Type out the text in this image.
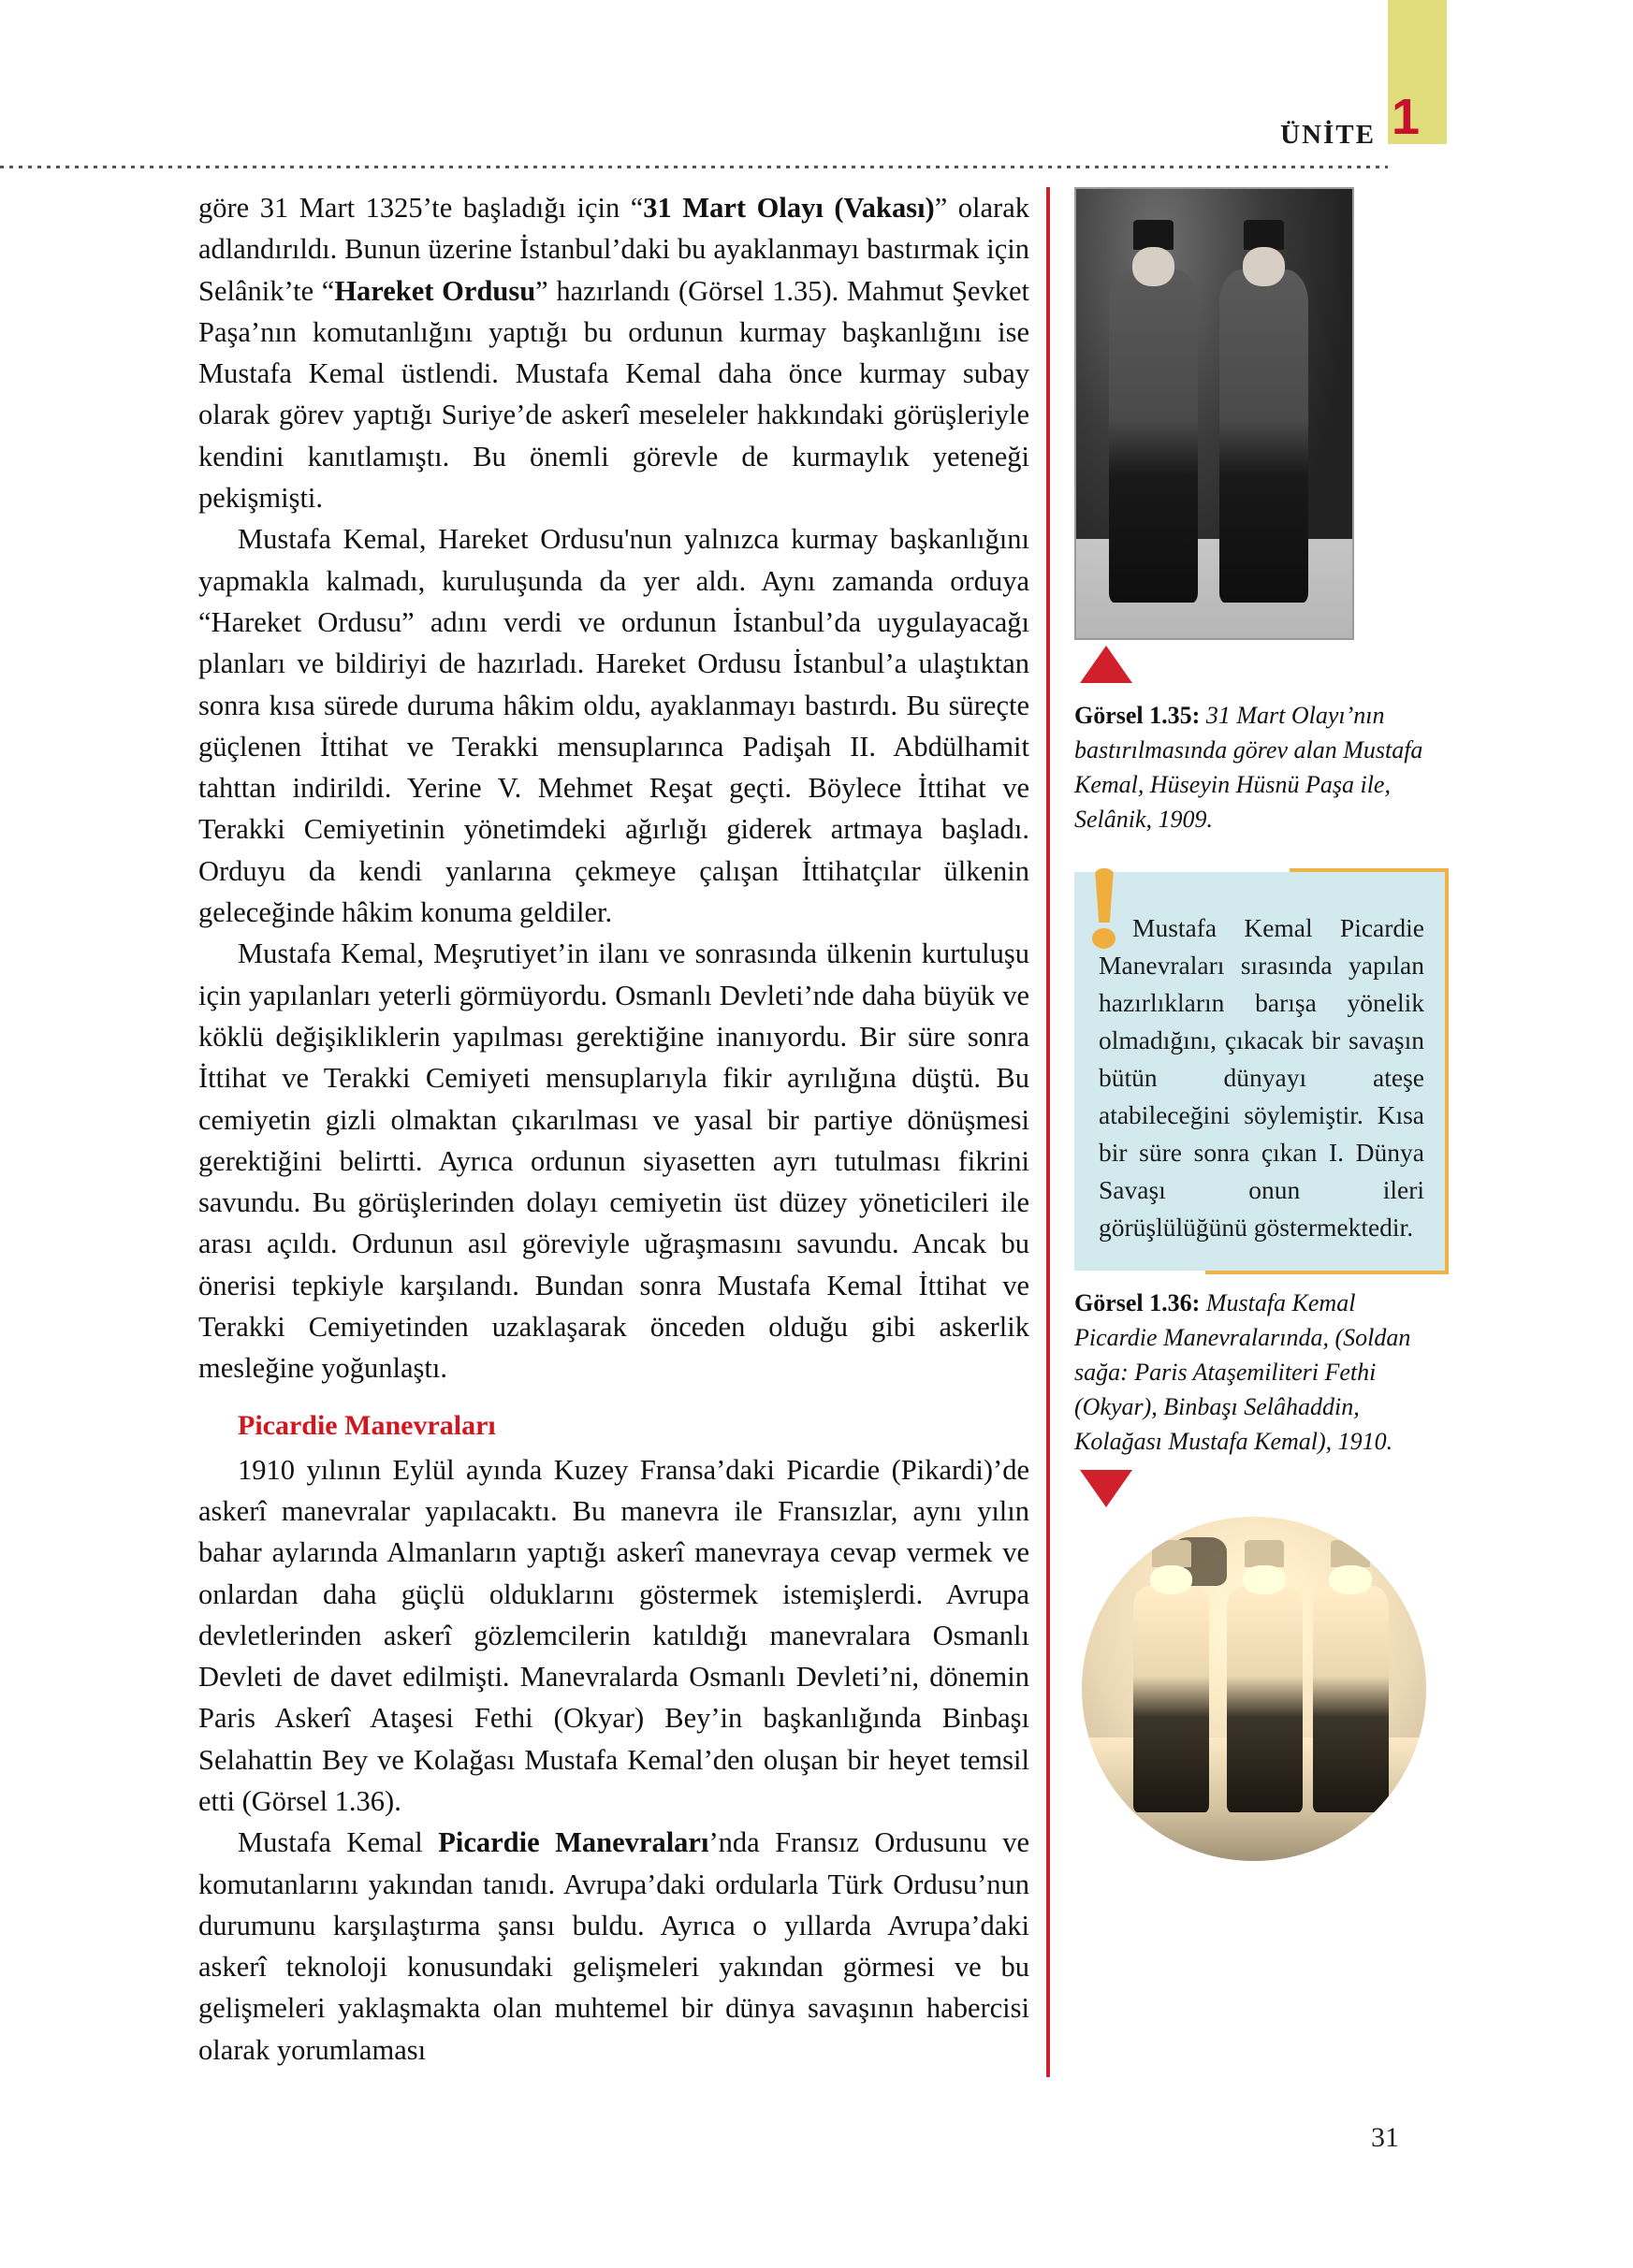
1
ÜNİTE

göre 31 Mart 1325’te başladığı için “31 Mart Olayı (Vakası)” olarak adlandırıldı. Bunun üzerine İstanbul’daki bu ayaklanmayı bastırmak için Selânik’te “Hareket Ordusu” hazırlandı (Görsel 1.35). Mahmut Şevket Paşa’nın komutanlığını yaptığı bu ordunun kurmay başkanlığını ise Mustafa Kemal üstlendi. Mustafa Kemal daha önce kurmay subay olarak görev yaptığı Suriye’de askerî meseleler hakkındaki görüşleriyle kendini kanıtlamıştı. Bu önemli görevle de kurmaylık yeteneği pekişmişti.

Mustafa Kemal, Hareket Ordusu'nun yalnızca kurmay başkanlığını yapmakla kalmadı, kuruluşunda da yer aldı. Aynı zamanda orduya “Hareket Ordusu” adını verdi ve ordunun İstanbul’da uygulayacağı planları ve bildiriyi de hazırladı. Hareket Ordusu İstanbul’a ulaştıktan sonra kısa sürede duruma hâkim oldu, ayaklanmayı bastırdı. Bu süreçte güçlenen İttihat ve Terakki mensuplarınca Padişah II. Abdülhamit tahttan indirildi. Yerine V. Mehmet Reşat geçti. Böylece İttihat ve Terakki Cemiyetinin yönetimdeki ağırlığı giderek artmaya başladı. Orduyu da kendi yanlarına çekmeye çalışan İttihatçılar ülkenin geleceğinde hâkim konuma geldiler.

Mustafa Kemal, Meşrutiyet’in ilanı ve sonrasında ülkenin kurtuluşu için yapılanları yeterli görmüyordu. Osmanlı Devleti’nde daha büyük ve köklü değişikliklerin yapılması gerektiğine inanıyordu. Bir süre sonra İttihat ve Terakki Cemiyeti mensuplarıyla fikir ayrılığına düştü. Bu cemiyetin gizli olmaktan çıkarılması ve yasal bir partiye dönüşmesi gerektiğini belirtti. Ayrıca ordunun siyasetten ayrı tutulması fikrini savundu. Bu görüşlerinden dolayı cemiyetin üst düzey yöneticileri ile arası açıldı. Ordunun asıl göreviyle uğraşmasını savundu. Ancak bu önerisi tepkiyle karşılandı. Bundan sonra Mustafa Kemal İttihat ve Terakki Cemiyetinden uzaklaşarak önceden olduğu gibi askerlik mesleğine yoğunlaştı.

Picardie Manevraları

1910 yılının Eylül ayında Kuzey Fransa’daki Picardie (Pikardi)’de askerî manevralar yapılacaktı. Bu manevra ile Fransızlar, aynı yılın bahar aylarında Almanların yaptığı askerî manevraya cevap vermek ve onlardan daha güçlü olduklarını göstermek istemişlerdi. Avrupa devletlerinden askerî gözlemcilerin katıldığı manevralara Osmanlı Devleti de davet edilmişti. Manevralarda Osmanlı Devleti’ni, dönemin Paris Askerî Ataşesi Fethi (Okyar) Bey’in başkanlığında Binbaşı Selahattin Bey ve Kolağası Mustafa Kemal’den oluşan bir heyet temsil etti (Görsel 1.36).

Mustafa Kemal Picardie Manevraları’nda Fransız Ordusunu ve komutanlarını yakından tanıdı. Avrupa’daki ordularla Türk Ordusu’nun durumunu karşılaştırma şansı buldu. Ayrıca o yıllarda Avrupa’daki askerî teknoloji konusundaki gelişmeleri yakından görmesi ve bu gelişmeleri yaklaşmakta olan muhtemel bir dünya savaşının habercisi olarak yorumlaması

Görsel 1.35: 31 Mart Olayı’nın bastırılmasında görev alan Mustafa Kemal, Hüseyin Hüsnü Paşa ile, Selânik, 1909.

Mustafa Kemal Picardie Manevraları sırasında yapılan hazırlıkların barışa yönelik olmadığını, çıkacak bir savaşın bütün dünyayı ateşe atabileceğini söylemiştir. Kısa bir süre sonra çıkan I. Dünya Savaşı onun ileri görüşlülüğünü göstermektedir.

Görsel 1.36: Mustafa Kemal Picardie Manevralarında, (Soldan sağa: Paris Ataşemiliteri Fethi (Okyar), Binbaşı Selâhaddin, Kolağası Mustafa Kemal), 1910.
31
